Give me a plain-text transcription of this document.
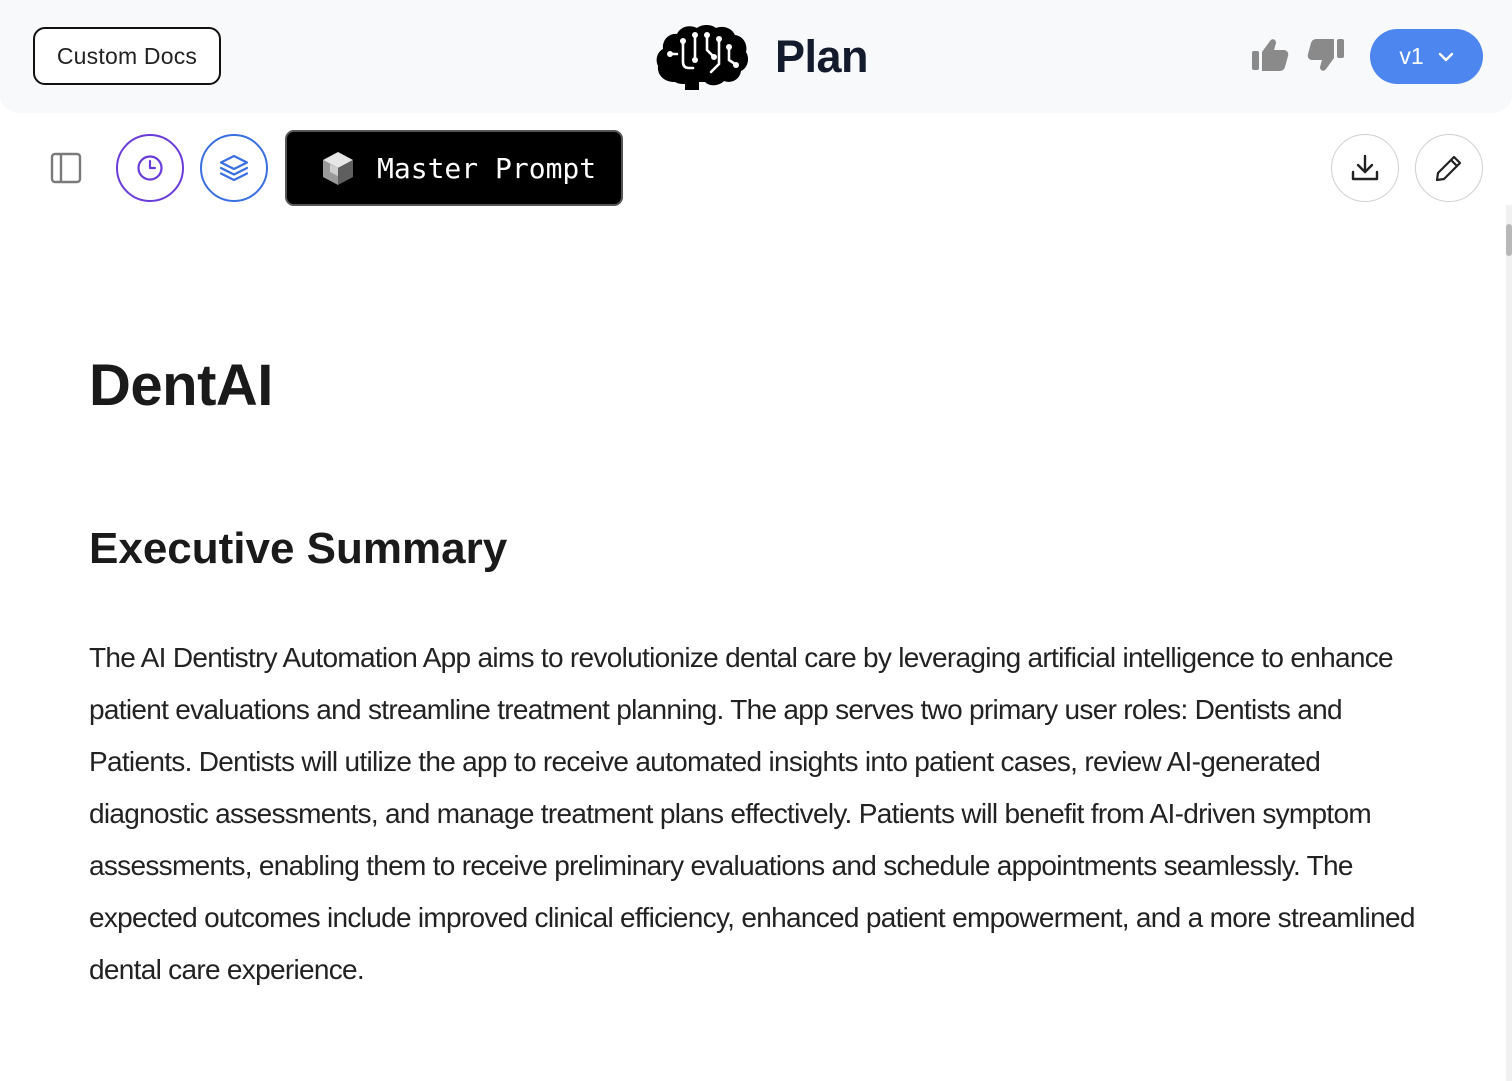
Custom Docs	Plan	v1
Master Prompt
DentAI
Executive Summary

The AI Dentistry Automation App aims to revolutionize dental care by leveraging artificial intelligence to enhance patient evaluations and streamline treatment planning. The app serves two primary user roles: Dentists and Patients. Dentists will utilize the app to receive automated insights into patient cases, review AI-generated diagnostic assessments, and manage treatment plans effectively. Patients will benefit from AI-driven symptom assessments, enabling them to receive preliminary evaluations and schedule appointments seamlessly. The expected outcomes include improved clinical efficiency, enhanced patient empowerment, and a more streamlined dental care experience.
